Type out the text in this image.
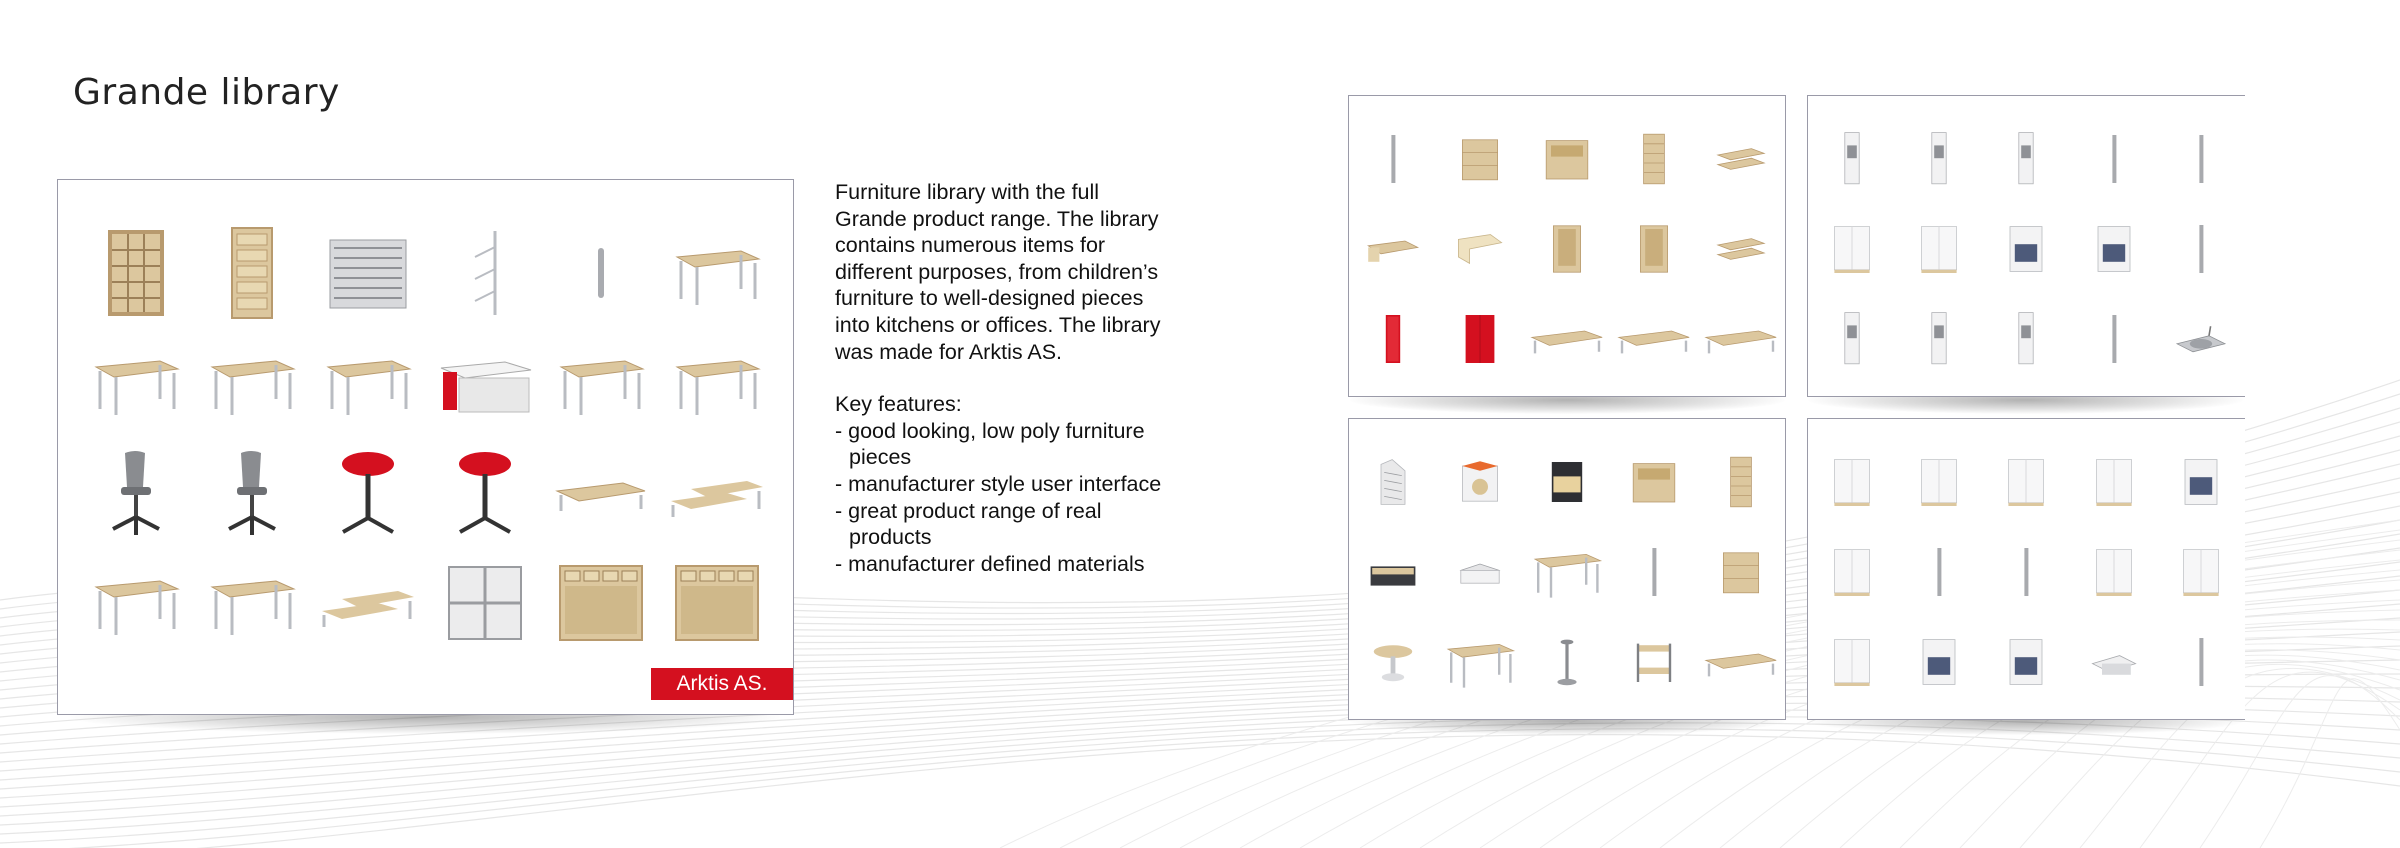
Grande library
Arktis AS.

Furniture library with the full Grande product range. The library contains numerous items for different purposes, from children’s furniture to well-designed pieces into kitchens or offices. The library was made for Arktis AS.

Key features:

- good looking, low poly furniture pieces
- manufacturer style user interface
- great product range of real products
- manufacturer defined materials
